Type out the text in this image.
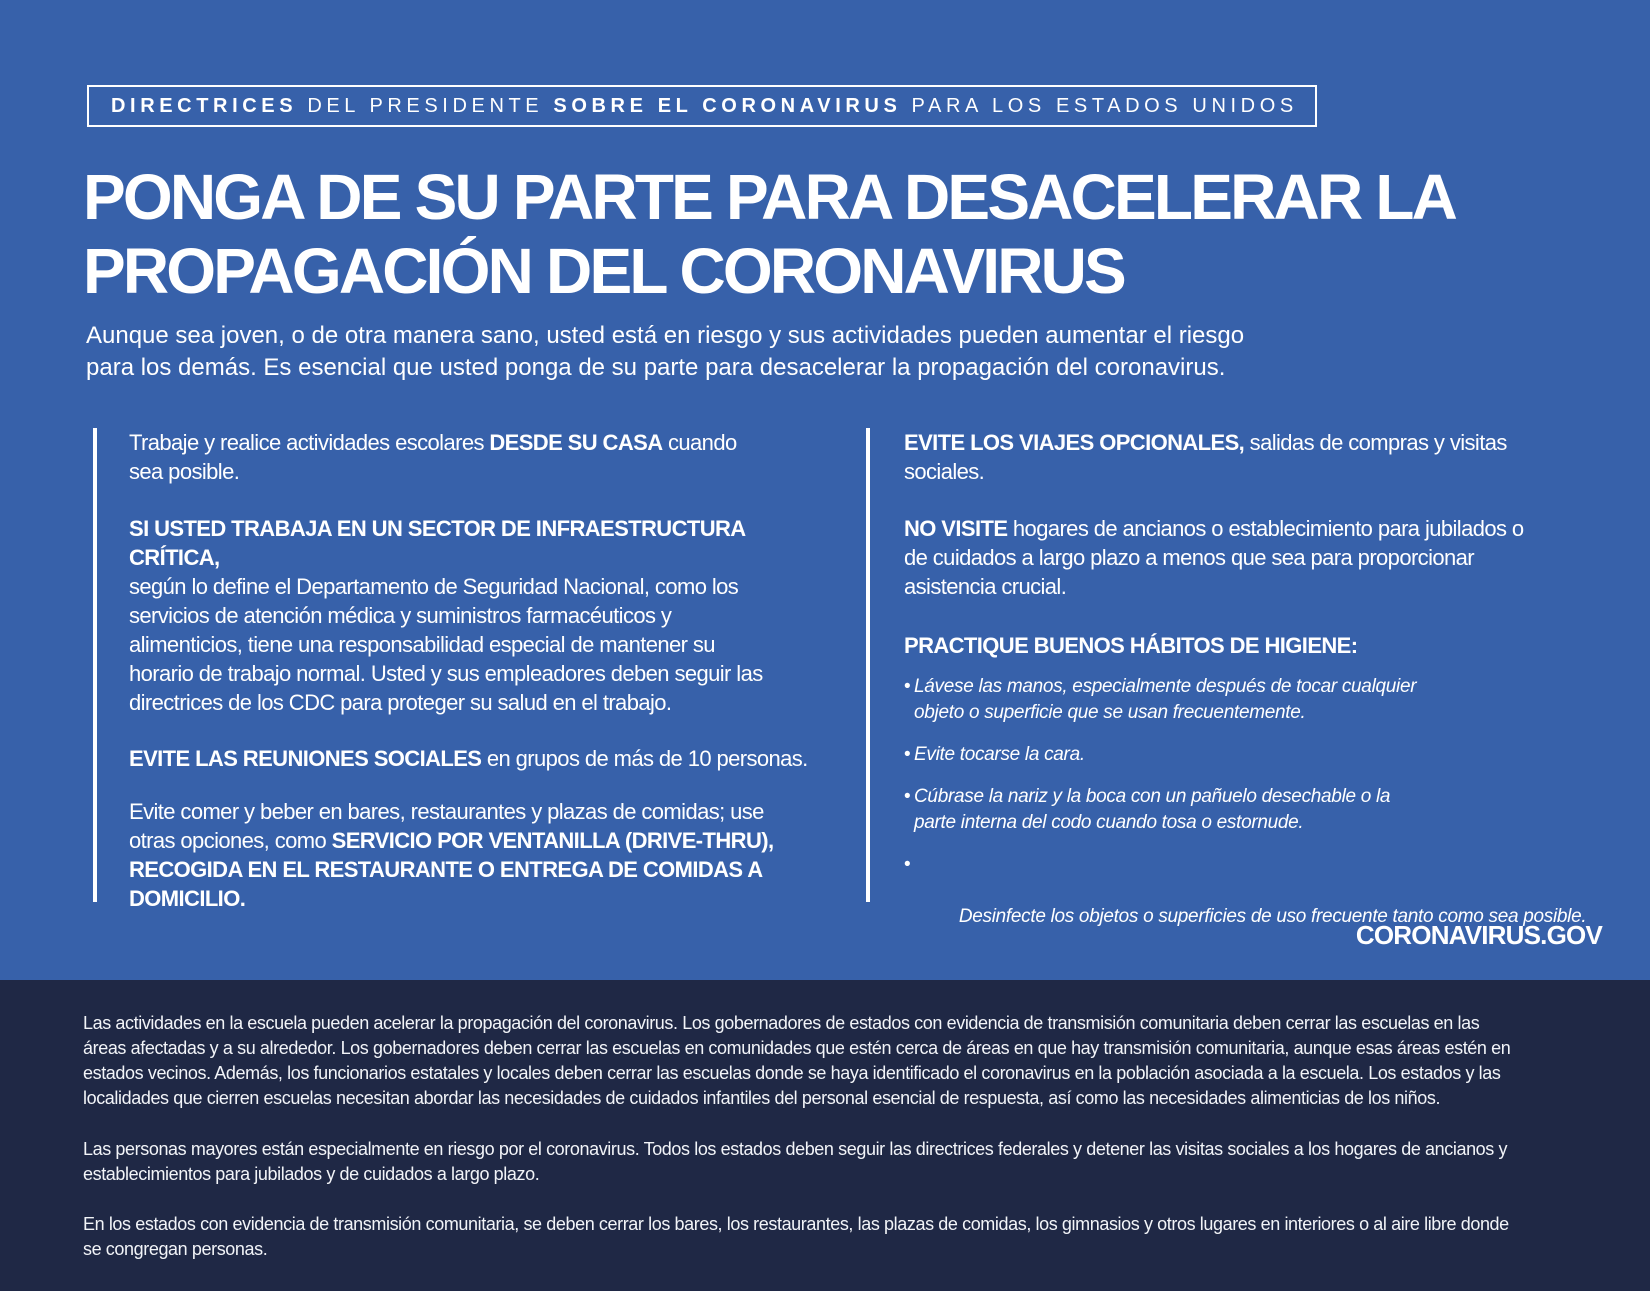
DIRECTRICES DEL PRESIDENTE SOBRE EL CORONAVIRUS PARA LOS ESTADOS UNIDOS
PONGA DE SU PARTE PARA DESACELERAR LA
PROPAGACIÓN DEL CORONAVIRUS
Aunque sea joven, o de otra manera sano, usted está en riesgo y sus actividades pueden aumentar el riesgo
para los demás. Es esencial que usted ponga de su parte para desacelerar la propagación del coronavirus.

Trabaje y realice actividades escolares DESDE SU CASA cuando
sea posible.

SI USTED TRABAJA EN UN SECTOR DE INFRAESTRUCTURA CRÍTICA,
según lo define el Departamento de Seguridad Nacional, como los
servicios de atención médica y suministros farmacéuticos y
alimenticios, tiene una responsabilidad especial de mantener su
horario de trabajo normal. Usted y sus empleadores deben seguir las
directrices de los CDC para proteger su salud en el trabajo.

EVITE LAS REUNIONES SOCIALES en grupos de más de 10 personas.

Evite comer y beber en bares, restaurantes y plazas de comidas; use
otras opciones, como SERVICIO POR VENTANILLA (DRIVE-THRU),
RECOGIDA EN EL RESTAURANTE O ENTREGA DE COMIDAS A
DOMICILIO.

EVITE LOS VIAJES OPCIONALES, salidas de compras y visitas
sociales.

NO VISITE hogares de ancianos o establecimiento para jubilados o
de cuidados a largo plazo a menos que sea para proporcionar
asistencia crucial.

PRACTIQUE BUENOS HÁBITOS DE HIGIENE:
• Lávese las manos, especialmente después de tocar cualquier
objeto o superficie que se usan frecuentemente.
• Evite tocarse la cara.
• Cúbrase la nariz y la boca con un pañuelo desechable o la
parte interna del codo cuando tosa o estornude.

•

Desinfecte los objetos o superficies de uso frecuente tanto como sea posible.

CORONAVIRUS.GOV
Las actividades en la escuela pueden acelerar la propagación del coronavirus. Los gobernadores de estados con evidencia de transmisión comunitaria deben cerrar las escuelas en las
áreas afectadas y a su alrededor. Los gobernadores deben cerrar las escuelas en comunidades que estén cerca de áreas en que hay transmisión comunitaria, aunque esas áreas estén en
estados vecinos. Además, los funcionarios estatales y locales deben cerrar las escuelas donde se haya identificado el coronavirus en la población asociada a la escuela. Los estados y las
localidades que cierren escuelas necesitan abordar las necesidades de cuidados infantiles del personal esencial de respuesta, así como las necesidades alimenticias de los niños.
Las personas mayores están especialmente en riesgo por el coronavirus. Todos los estados deben seguir las directrices federales y detener las visitas sociales a los hogares de ancianos y
establecimientos para jubilados y de cuidados a largo plazo.
En los estados con evidencia de transmisión comunitaria, se deben cerrar los bares, los restaurantes, las plazas de comidas, los gimnasios y otros lugares en interiores o al aire libre donde
se congregan personas.
